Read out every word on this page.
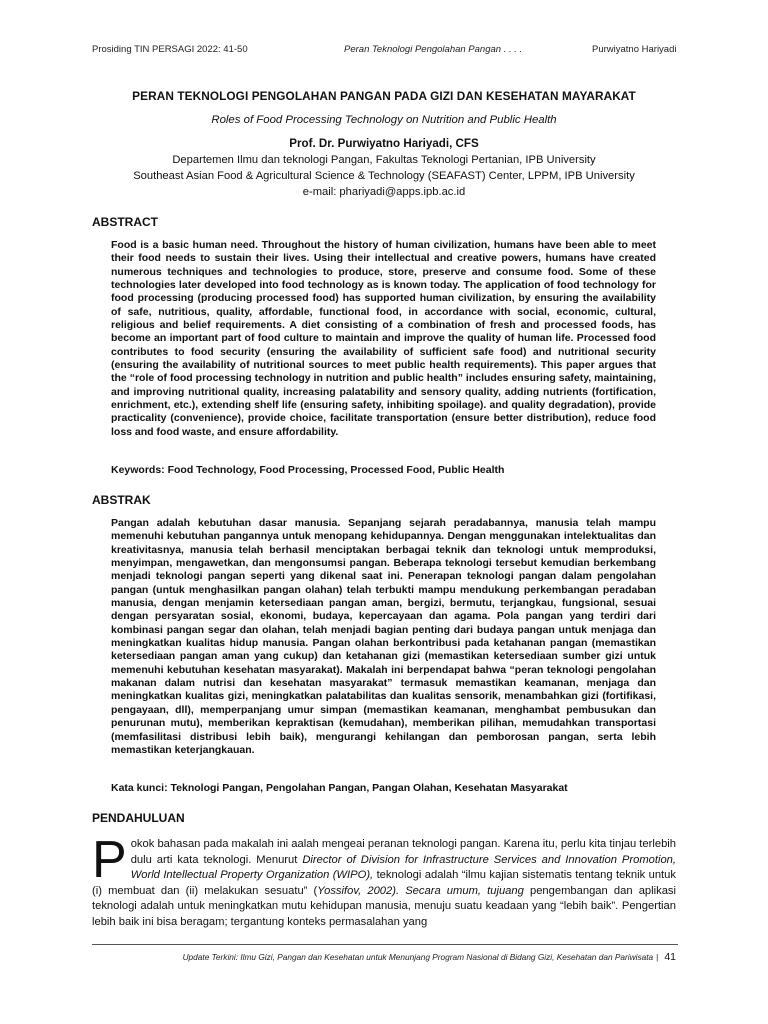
Prosiding TIN PERSAGI 2022: 41-50	Peran Teknologi Pengolahan Pangan . . . .	Purwiyatno Hariyadi
PERAN TEKNOLOGI PENGOLAHAN PANGAN PADA GIZI DAN KESEHATAN MAYARAKAT
Roles of Food Processing Technology on Nutrition and Public Health
Prof. Dr. Purwiyatno Hariyadi, CFS
Departemen Ilmu dan teknologi Pangan, Fakultas Teknologi Pertanian, IPB University
Southeast Asian Food & Agricultural Science & Technology (SEAFAST) Center, LPPM, IPB University
e-mail: phariyadi@apps.ipb.ac.id
ABSTRACT

Food is a basic human need. Throughout the history of human civilization, humans have been able to meet their food needs to sustain their lives. Using their intellectual and creative powers, humans have created numerous techniques and technologies to produce, store, preserve and consume food. Some of these technologies later developed into food technology as is known today. The application of food technology for food processing (producing processed food) has supported human civilization, by ensuring the availability of safe, nutritious, quality, affordable, functional food, in accordance with social, economic, cultural, religious and belief requirements. A diet consisting of a combination of fresh and processed foods, has become an important part of food culture to maintain and improve the quality of human life. Processed food contributes to food security (ensuring the availability of sufficient safe food) and nutritional security (ensuring the availability of nutritional sources to meet public health requirements). This paper argues that the “role of food processing technology in nutrition and public health” includes ensuring safety, maintaining, and improving nutritional quality, increasing palatability and sensory quality, adding nutrients (fortification, enrichment, etc.), extending shelf life (ensuring safety, inhibiting spoilage). and quality degradation), provide practicality (convenience), provide choice, facilitate transportation (ensure better distribution), reduce food loss and food waste, and ensure affordability.

Keywords: Food Technology, Food Processing, Processed Food, Public Health
ABSTRAK

Pangan adalah kebutuhan dasar manusia. Sepanjang sejarah peradabannya, manusia telah mampu memenuhi kebutuhan pangannya untuk menopang kehidupannya. Dengan menggunakan intelektualitas dan kreativitasnya, manusia telah berhasil menciptakan berbagai teknik dan teknologi untuk memproduksi, menyimpan, mengawetkan, dan mengonsumsi pangan. Beberapa teknologi tersebut kemudian berkembang menjadi teknologi pangan seperti yang dikenal saat ini. Penerapan teknologi pangan dalam pengolahan pangan (untuk menghasilkan pangan olahan) telah terbukti mampu mendukung perkembangan peradaban manusia, dengan menjamin ketersediaan pangan aman, bergizi, bermutu, terjangkau, fungsional, sesuai dengan persyaratan sosial, ekonomi, budaya, kepercayaan dan agama. Pola pangan yang terdiri dari kombinasi pangan segar dan olahan, telah menjadi bagian penting dari budaya pangan untuk menjaga dan meningkatkan kualitas hidup manusia. Pangan olahan berkontribusi pada ketahanan pangan (memastikan ketersediaan pangan aman yang cukup) dan ketahanan gizi (memastikan ketersediaan sumber gizi untuk memenuhi kebutuhan kesehatan masyarakat). Makalah ini berpendapat bahwa “peran teknologi pengolahan makanan dalam nutrisi dan kesehatan masyarakat” termasuk memastikan keamanan, menjaga dan meningkatkan kualitas gizi, meningkatkan palatabilitas dan kualitas sensorik, menambahkan gizi (fortifikasi, pengayaan, dll), memperpanjang umur simpan (memastikan keamanan, menghambat pembusukan dan penurunan mutu), memberikan kepraktisan (kemudahan), memberikan pilihan, memudahkan transportasi (memfasilitasi distribusi lebih baik), mengurangi kehilangan dan pemborosan pangan, serta lebih memastikan keterjangkauan.

Kata kunci: Teknologi Pangan, Pengolahan Pangan, Pangan Olahan, Kesehatan Masyarakat
PENDAHULUAN

Pokok bahasan pada makalah ini aalah mengeai peranan teknologi pangan. Karena itu, perlu kita tinjau terlebih dulu arti kata teknologi. Menurut Director of Division for Infrastructure Services and Innovation Promotion, World Intellectual Property Organization (WIPO), teknologi adalah “ilmu kajian sistematis tentang teknik untuk (i) membuat dan (ii) melakukan sesuatu” (Yossifov, 2002). Secara umum, tujuang pengembangan dan aplikasi teknologi adalah untuk meningkatkan mutu kehidupan manusia, menuju suatu keadaan yang “lebih baik”. Pengertian lebih baik ini bisa beragam; tergantung konteks permasalahan yang

Update Terkini: Ilmu Gizi, Pangan dan Kesehatan untuk Menunjang Program Nasional di Bidang Gizi, Kesehatan dan Pariwisata | 41
